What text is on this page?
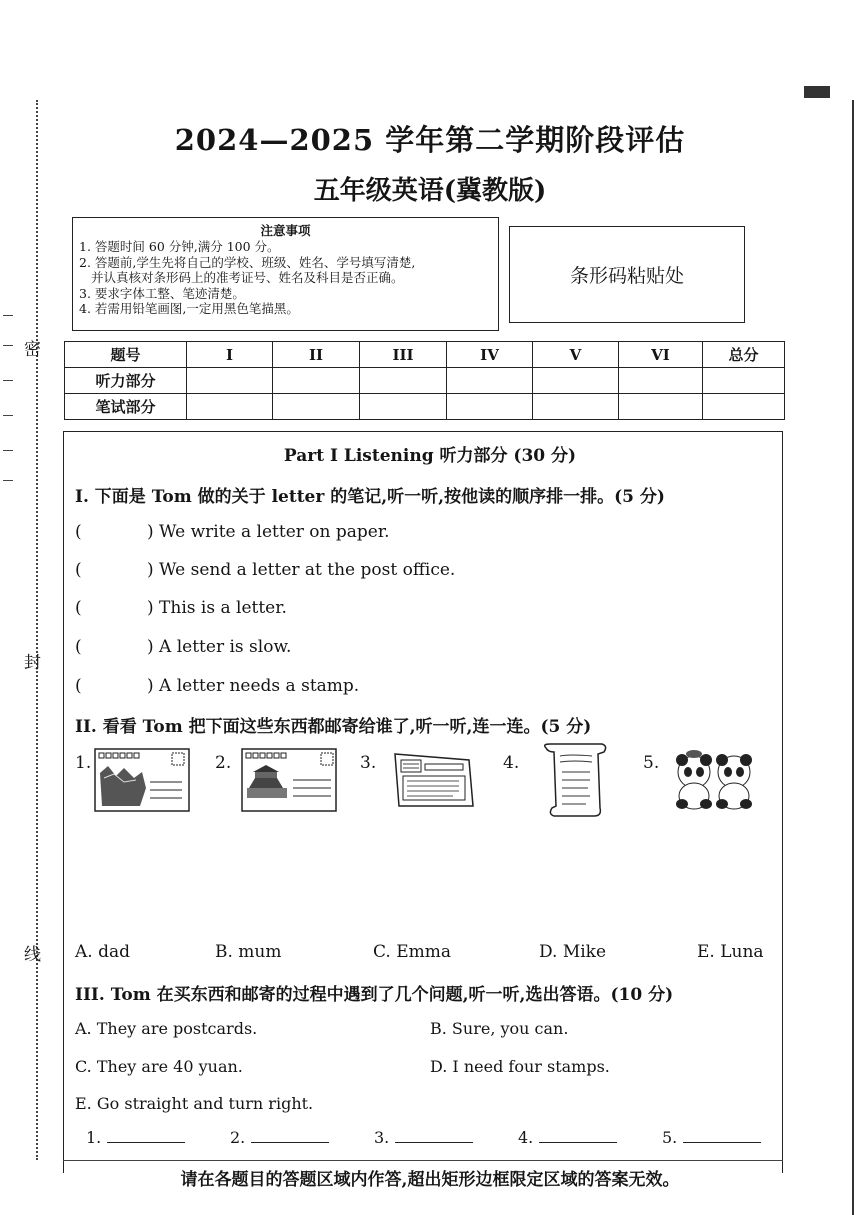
密
封
线
2024—2025 学年第二学期阶段评估
五年级英语(冀教版)
注意事项
1. 答题时间 60 分钟,满分 100 分。
2. 答题前,学生先将自己的学校、班级、姓名、学号填写清楚,
并认真核对条形码上的准考证号、姓名及科目是否正确。
3. 要求字体工整、笔迹清楚。
4. 若需用铅笔画图,一定用黑色笔描黑。
条形码粘贴处
题号	I	II	III	IV	V	VI	总分
听力部分							
笔试部分							
Part I Listening 听力部分 (30 分)
I. 下面是 Tom 做的关于 letter 的笔记,听一听,按他读的顺序排一排。(5 分)
(	) We write a letter on paper.
(	) We send a letter at the post office.
(	) This is a letter.
(	) A letter is slow.
(	) A letter needs a stamp.
II. 看看 Tom 把下面这些东西都邮寄给谁了,听一听,连一连。(5 分)
1.	2.	3.	4.	5.
A. dad	B. mum	C. Emma	D. Mike	E. Luna
III. Tom 在买东西和邮寄的过程中遇到了几个问题,听一听,选出答语。(10 分)
A. They are postcards.	B. Sure, you can.
C. They are 40 yuan.	D. I need four stamps.
E. Go straight and turn right.
1.	2.	3.	4.	5.
请在各题目的答题区域内作答,超出矩形边框限定区域的答案无效。
